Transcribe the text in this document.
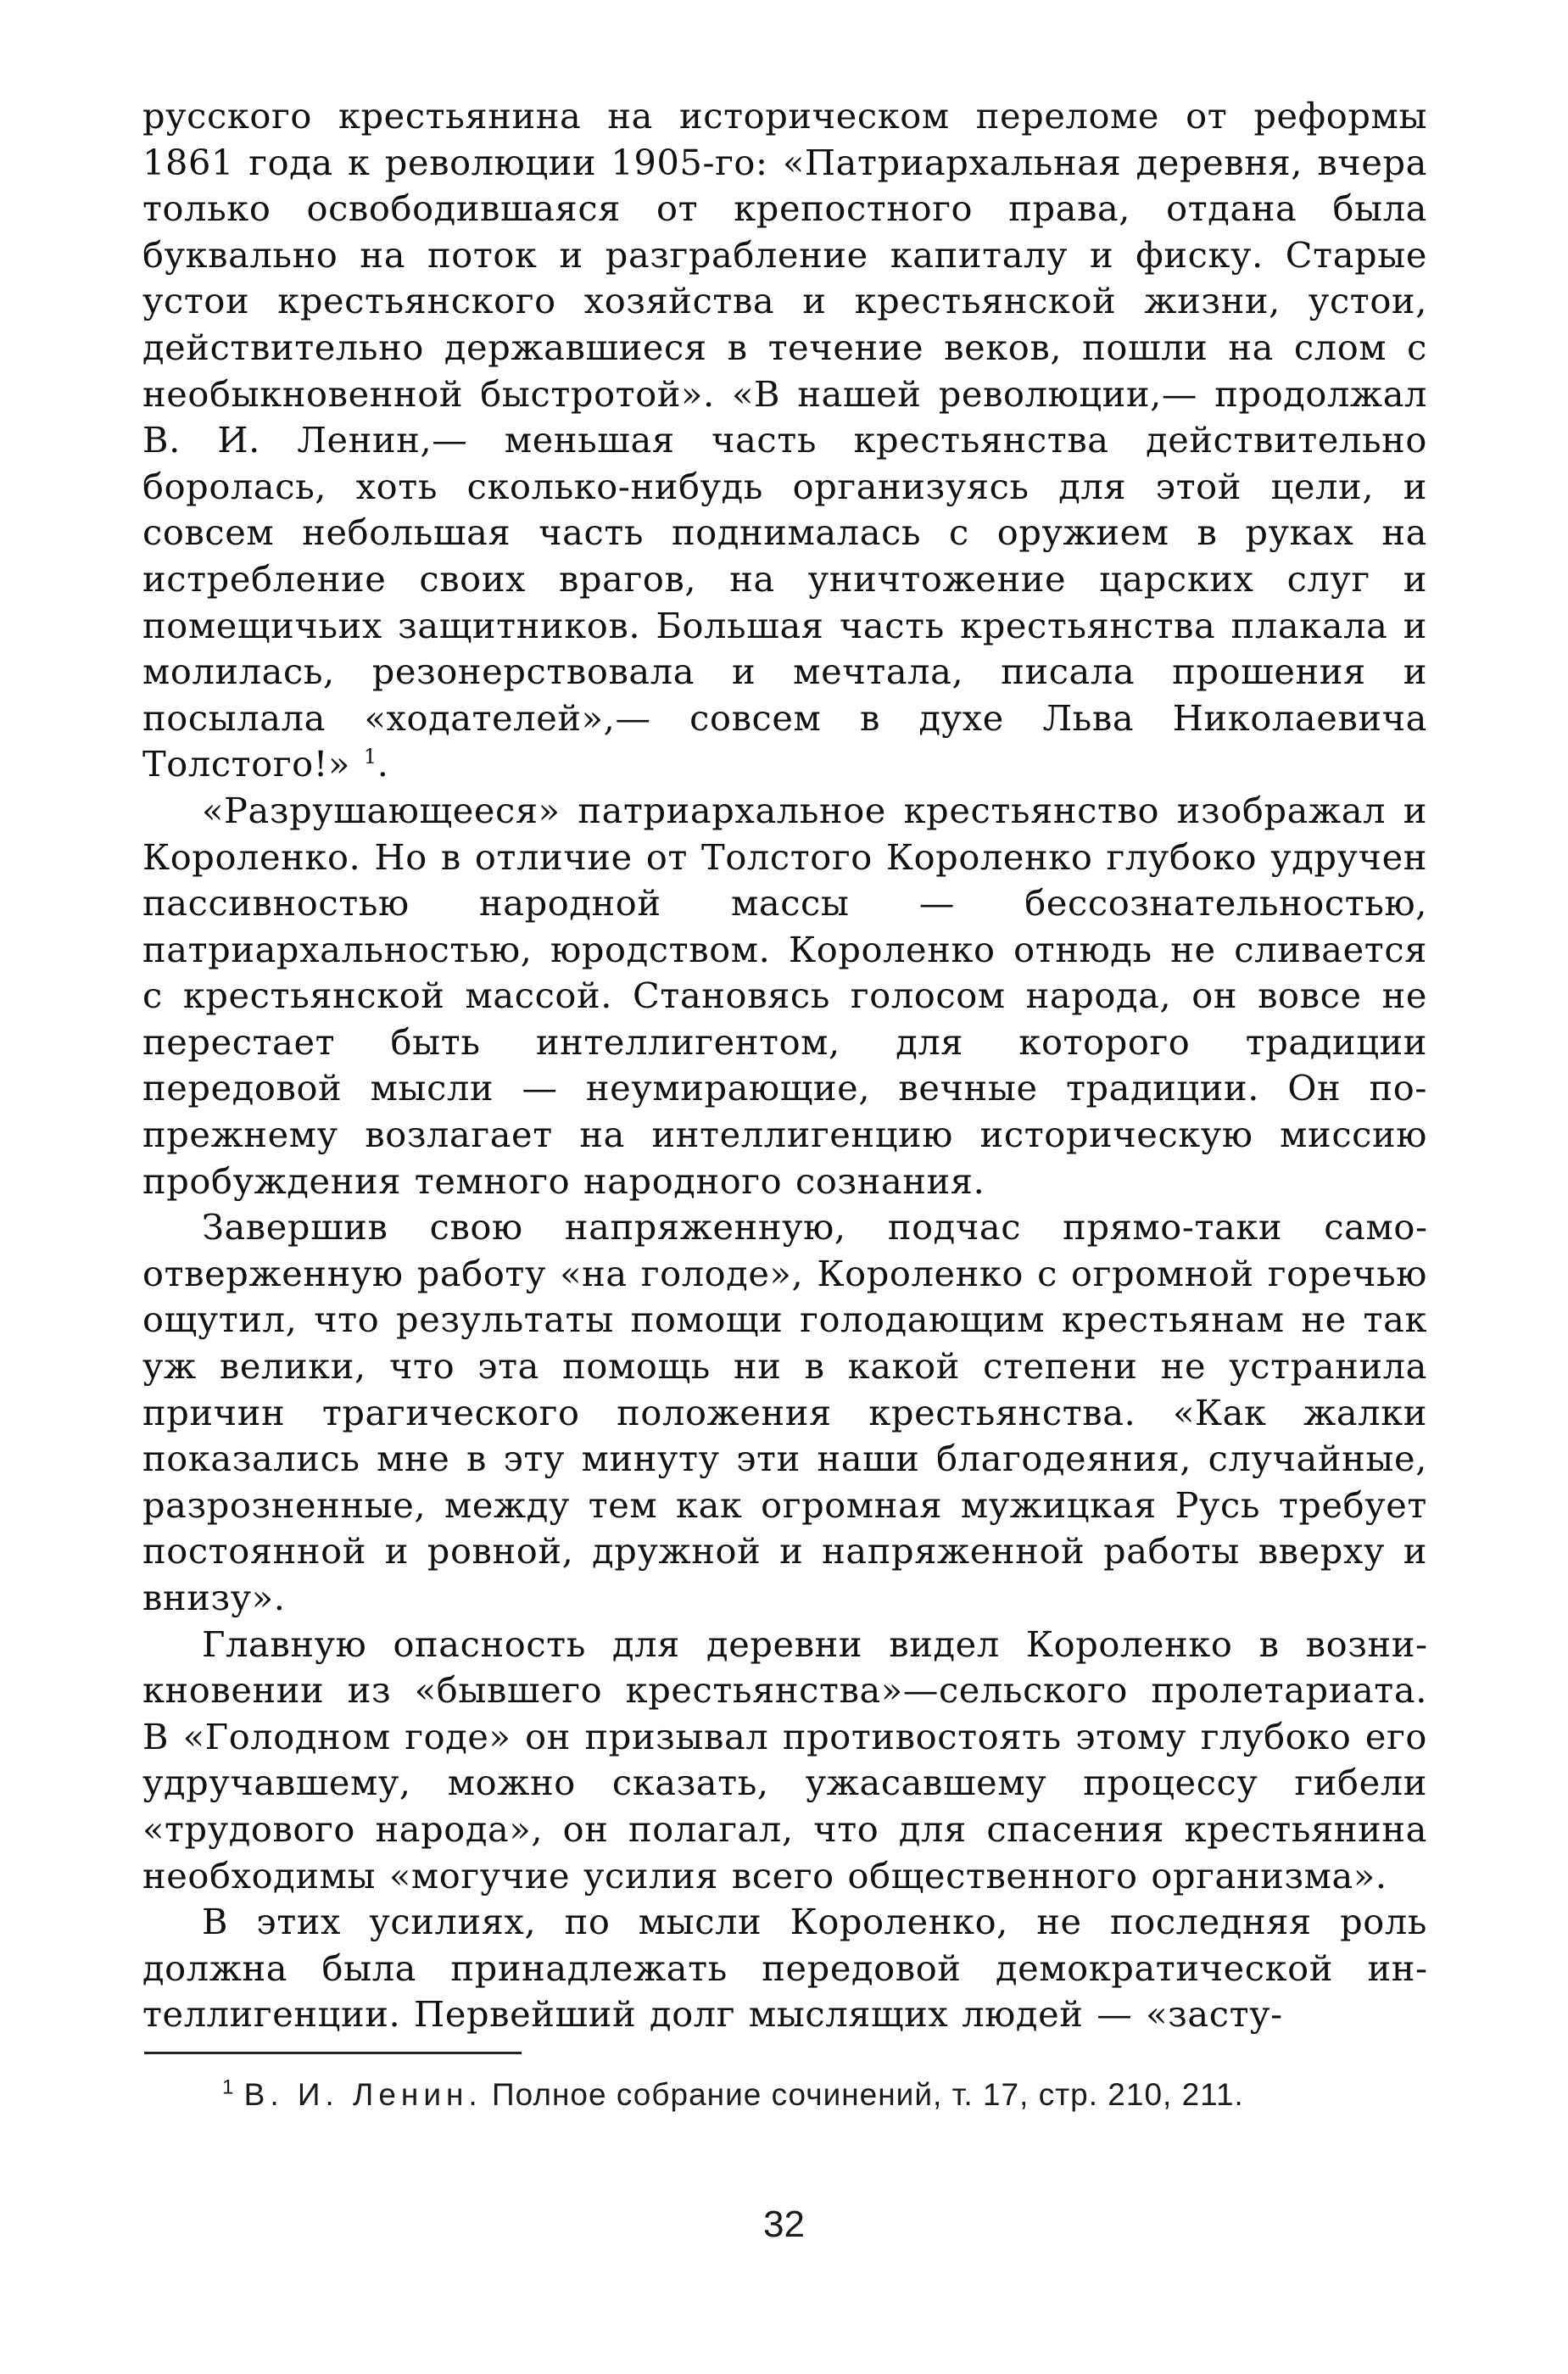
русского крестьянина на историческом переломе от реформы 1861 года к революции 1905-го: «Патриархальная деревня, вчера только освободившаяся от крепостного права, отдана была буквально на поток и разграбление капиталу и фиску. Старые устои крестьянского хозяйства и крестьянской жизни, устои, действительно державшиеся в течение веков, пошли на слом с необыкновенной быстротой». «В нашей революции,— продолжал В. И. Ленин,— меньшая часть крестьянства действительно боролась, хоть сколько-нибудь организуясь для этой цели, и совсем небольшая часть поднималась с оружием в руках на истребление своих врагов, на уничтожение царских слуг и помещичьих защитников. Большая часть крестьянства плакала и молилась, резонерствовала и мечтала, писала прошения и посылала «ходателей»,— совсем в духе Льва Николаевича Толстого!» $^1$.

«Разрушающееся» патриархальное крестьянство изображал и Короленко. Но в отличие от Толстого Короленко глубоко удручен пассивностью народной массы — бессознательностью, патриархальностью, юродством. Короленко отнюдь не сливается с крестьянской массой. Становясь голосом народа, он вовсе не перестает быть интеллигентом, для которого традиции передовой мысли — неумирающие, вечные традиции. Он по-прежнему возлагает на интеллигенцию историческую миссию пробуждения темного народного сознания.

Завершив свою напряженную, подчас прямо-таки самоотверженную работу «на голоде», Короленко с огромной горечью ощутил, что результаты помощи голодающим крестьянам не так уж велики, что эта помощь ни в какой степени не устранила причин трагического положения крестьянства. «Как жалки показались мне в эту минуту эти наши благодеяния, случайные, разрозненные, между тем как огромная мужицкая Русь требует постоянной и ровной, дружной и напряженной работы вверху и внизу».

Главную опасность для деревни видел Короленко в возникновении из «бывшего крестьянства»—сельского пролетариата. В «Голодном годе» он призывал противостоять этому глубоко его удручавшему, можно сказать, ужасавшему процессу гибели «трудового народа», он полагал, что для спасения крестьянина необходимы «могучие усилия всего общественного организма».

В этих усилиях, по мысли Короленко, не последняя роль должна была принадлежать передовой демократической интеллигенции. Первейший долг мыслящих людей — «засту-

$^1$ В. И. Ленин. Полное собрание сочинений, т. 17, стр. 210, 211.

32
